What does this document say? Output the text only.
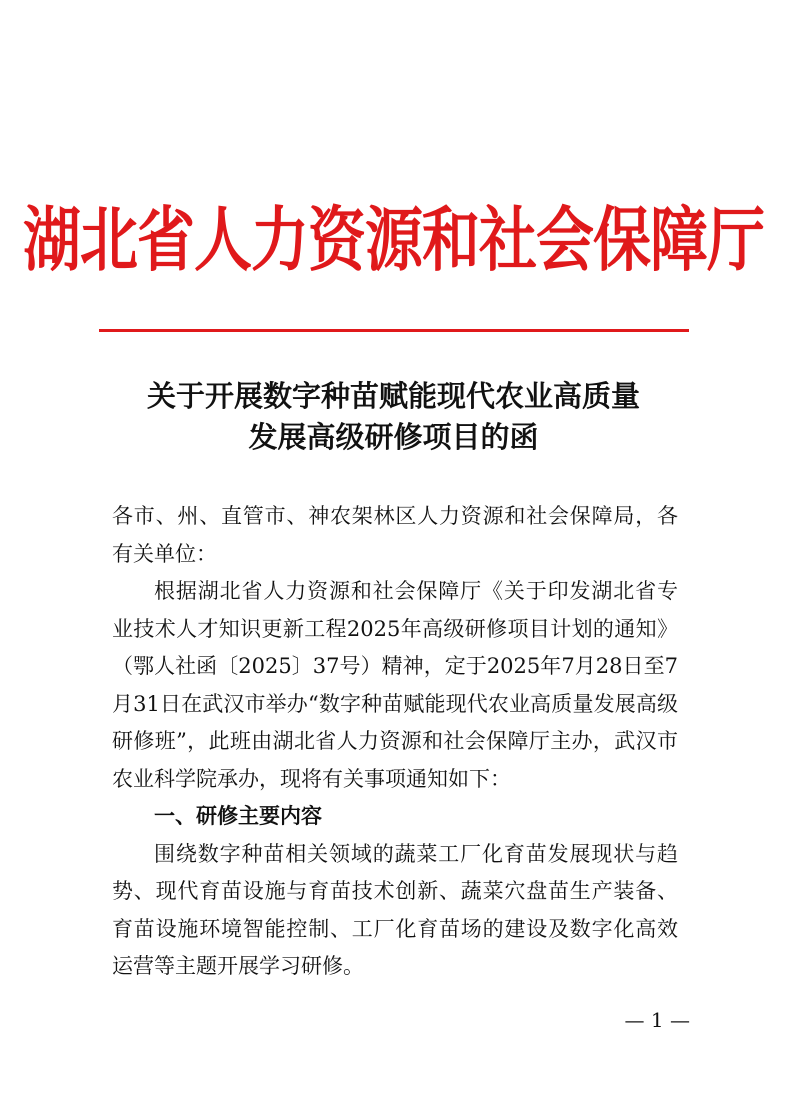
湖北省人力资源和社会保障厅
关于开展数字种苗赋能现代农业高质量
发展高级研修项目的函

各市、州、直管市、神农架林区人力资源和社会保障局，各有关单位：

根据湖北省人力资源和社会保障厅《关于印发湖北省专业技术人才知识更新工程2025年高级研修项目计划的通知》（鄂人社函〔2025〕37号）精神，定于2025年7月28日至7月31日在武汉市举办“数字种苗赋能现代农业高质量发展高级研修班”，此班由湖北省人力资源和社会保障厅主办，武汉市农业科学院承办，现将有关事项通知如下：

一、研修主要内容

围绕数字种苗相关领域的蔬菜工厂化育苗发展现状与趋势、现代育苗设施与育苗技术创新、蔬菜穴盘苗生产装备、育苗设施环境智能控制、工厂化育苗场的建设及数字化高效运营等主题开展学习研修。

— 1 —
